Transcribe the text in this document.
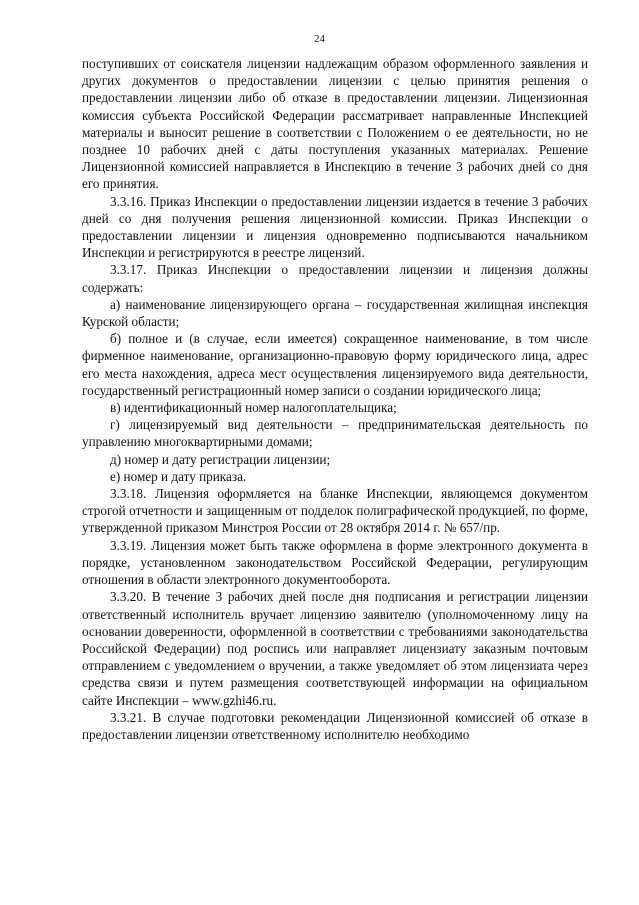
24

поступивших от соискателя лицензии надлежащим образом оформленного заявления и других документов о предоставлении лицензии с целью принятия решения о предоставлении лицензии либо об отказе в предоставлении лицензии. Лицензионная комиссия субъекта Российской Федерации рассматривает направленные Инспекцией материалы и выносит решение в соответствии с Положением о ее деятельности, но не позднее 10 рабочих дней с даты поступления указанных материалах. Решение Лицензионной комиссией направляется в Инспекцию в течение 3 рабочих дней со дня его принятия.

3.3.16. Приказ Инспекции о предоставлении лицензии издается в течение 3 рабочих дней со дня получения решения лицензионной комиссии. Приказ Инспекции о предоставлении лицензии и лицензия одновременно подписываются начальником Инспекции и регистрируются в реестре лицензий.

3.3.17. Приказ Инспекции о предоставлении лицензии и лицензия должны содержать:

а) наименование лицензирующего органа – государственная жилищная инспекция Курской области;

б) полное и (в случае, если имеется) сокращенное наименование, в том числе фирменное наименование, организационно-правовую форму юридического лица, адрес его места нахождения, адреса мест осуществления лицензируемого вида деятельности, государственный регистрационный номер записи о создании юридического лица;

в) идентификационный номер налогоплательщика;

г) лицензируемый вид деятельности – предпринимательская деятельность по управлению многоквартирными домами;

д) номер и дату регистрации лицензии;

е) номер и дату приказа.

3.3.18. Лицензия оформляется на бланке Инспекции, являющемся документом строгой отчетности и защищенным от подделок полиграфической продукцией, по форме, утвержденной приказом Минстроя России от 28 октября 2014 г. № 657/пр.

3.3.19. Лицензия может быть также оформлена в форме электронного документа в порядке, установленном законодательством Российской Федерации, регулирующим отношения в области электронного документооборота.

3.3.20. В течение 3 рабочих дней после дня подписания и регистрации лицензии ответственный исполнитель вручает лицензию заявителю (уполномоченному лицу на основании доверенности, оформленной в соответствии с требованиями законодательства Российской Федерации) под роспись или направляет лицензиату заказным почтовым отправлением с уведомлением о вручении, а также уведомляет об этом лицензиата через средства связи и путем размещения соответствующей информации на официальном сайте Инспекции – www.gzhi46.ru.

3.3.21. В случае подготовки рекомендации Лицензионной комиссией об отказе в предоставлении лицензии ответственному исполнителю необходимо
